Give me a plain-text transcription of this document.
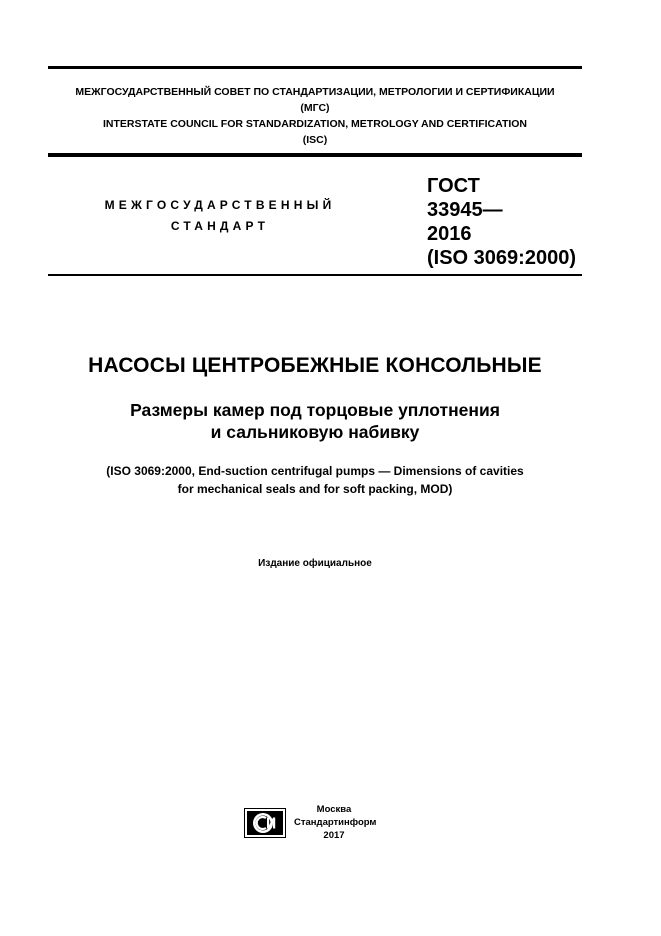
МЕЖГОСУДАРСТВЕННЫЙ СОВЕТ ПО СТАНДАРТИЗАЦИИ, МЕТРОЛОГИИ И СЕРТИФИКАЦИИ
(МГС)
INTERSTATE COUNCIL FOR STANDARDIZATION, METROLOGY AND CERTIFICATION
(ISC)
МЕЖГОСУДАРСТВЕННЫЙ
СТАНДАРТ
ГОСТ
33945—
2016
(ISO 3069:2000)
НАСОСЫ ЦЕНТРОБЕЖНЫЕ КОНСОЛЬНЫЕ
Размеры камер под торцовые уплотнения
и сальниковую набивку
(ISO 3069:2000, End-suction centrifugal pumps — Dimensions of cavities
for mechanical seals and for soft packing, MOD)
Издание официальное
Москва
Стандартинформ
2017
